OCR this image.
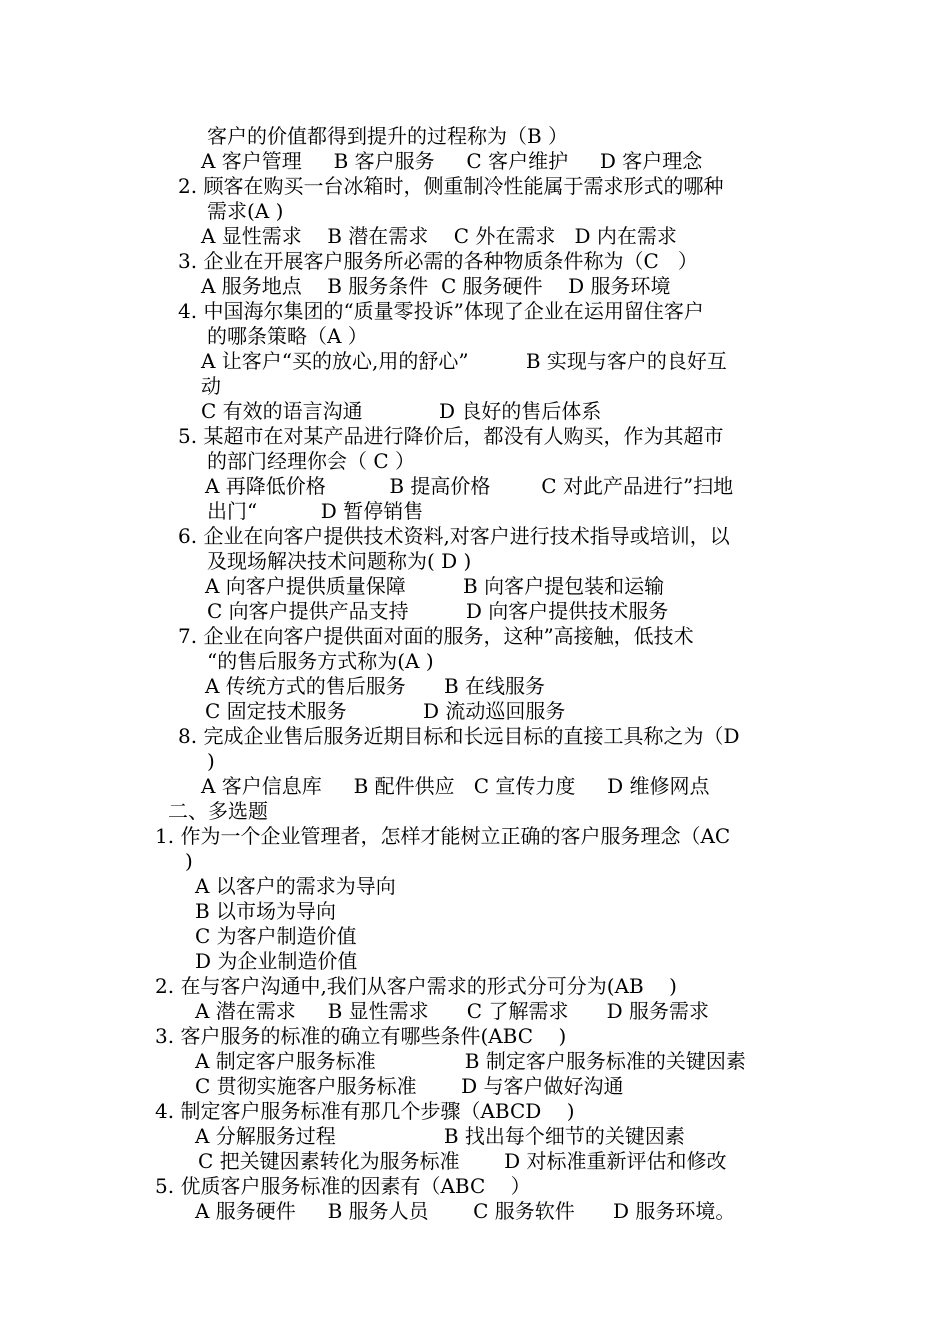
客户的价值都得到提升的过程称为（B ）
A 客户管理     B 客户服务     C 客户维护     D 客户理念
2. 顾客在购买一台冰箱时，侧重制冷性能属于需求形式的哪种
需求(A )
A 显性需求    B 潜在需求    C 外在需求   D 内在需求
3. 企业在开展客户服务所必需的各种物质条件称为（C   ）
A 服务地点    B 服务条件  C 服务硬件    D 服务环境
4. 中国海尔集团的“质量零投诉”体现了企业在运用留住客户
的哪条策略（A ）
A 让客户“买的放心,用的舒心”         B 实现与客户的良好互
动
C 有效的语言沟通            D 良好的售后体系
5. 某超市在对某产品进行降价后，都没有人购买，作为其超市
的部门经理你会（ C ）
A 再降低价格          B 提高价格        C 对此产品进行”扫地
出门“          D 暂停销售
6. 企业在向客户提供技术资料,对客户进行技术指导或培训，以
及现场解决技术问题称为( D )
A 向客户提供质量保障         B 向客户提包装和运输
C 向客户提供产品支持         D 向客户提供技术服务
7. 企业在向客户提供面对面的服务，这种”高接触，低技术
“的售后服务方式称为(A )
A 传统方式的售后服务      B 在线服务
C 固定技术服务            D 流动巡回服务
8. 完成企业售后服务近期目标和长远目标的直接工具称之为（D
)
A 客户信息库     B 配件供应   C 宣传力度     D 维修网点
二、多选题
1. 作为一个企业管理者，怎样才能树立正确的客户服务理念（AC
)
A 以客户的需求为导向
B 以市场为导向
C 为客户制造价值
D 为企业制造价值
2. 在与客户沟通中,我们从客户需求的形式分可分为(AB    )
A 潜在需求     B 显性需求      C 了解需求      D 服务需求
3. 客户服务的标准的确立有哪些条件(ABC    )
A 制定客户服务标准              B 制定客户服务标准的关键因素
C 贯彻实施客户服务标准       D 与客户做好沟通
4. 制定客户服务标准有那几个步骤（ABCD    )
A 分解服务过程                 B 找出每个细节的关键因素
C 把关键因素转化为服务标准       D 对标准重新评估和修改
5. 优质客户服务标准的因素有（ABC    ）
A 服务硬件     B 服务人员       C 服务软件      D 服务环境。
